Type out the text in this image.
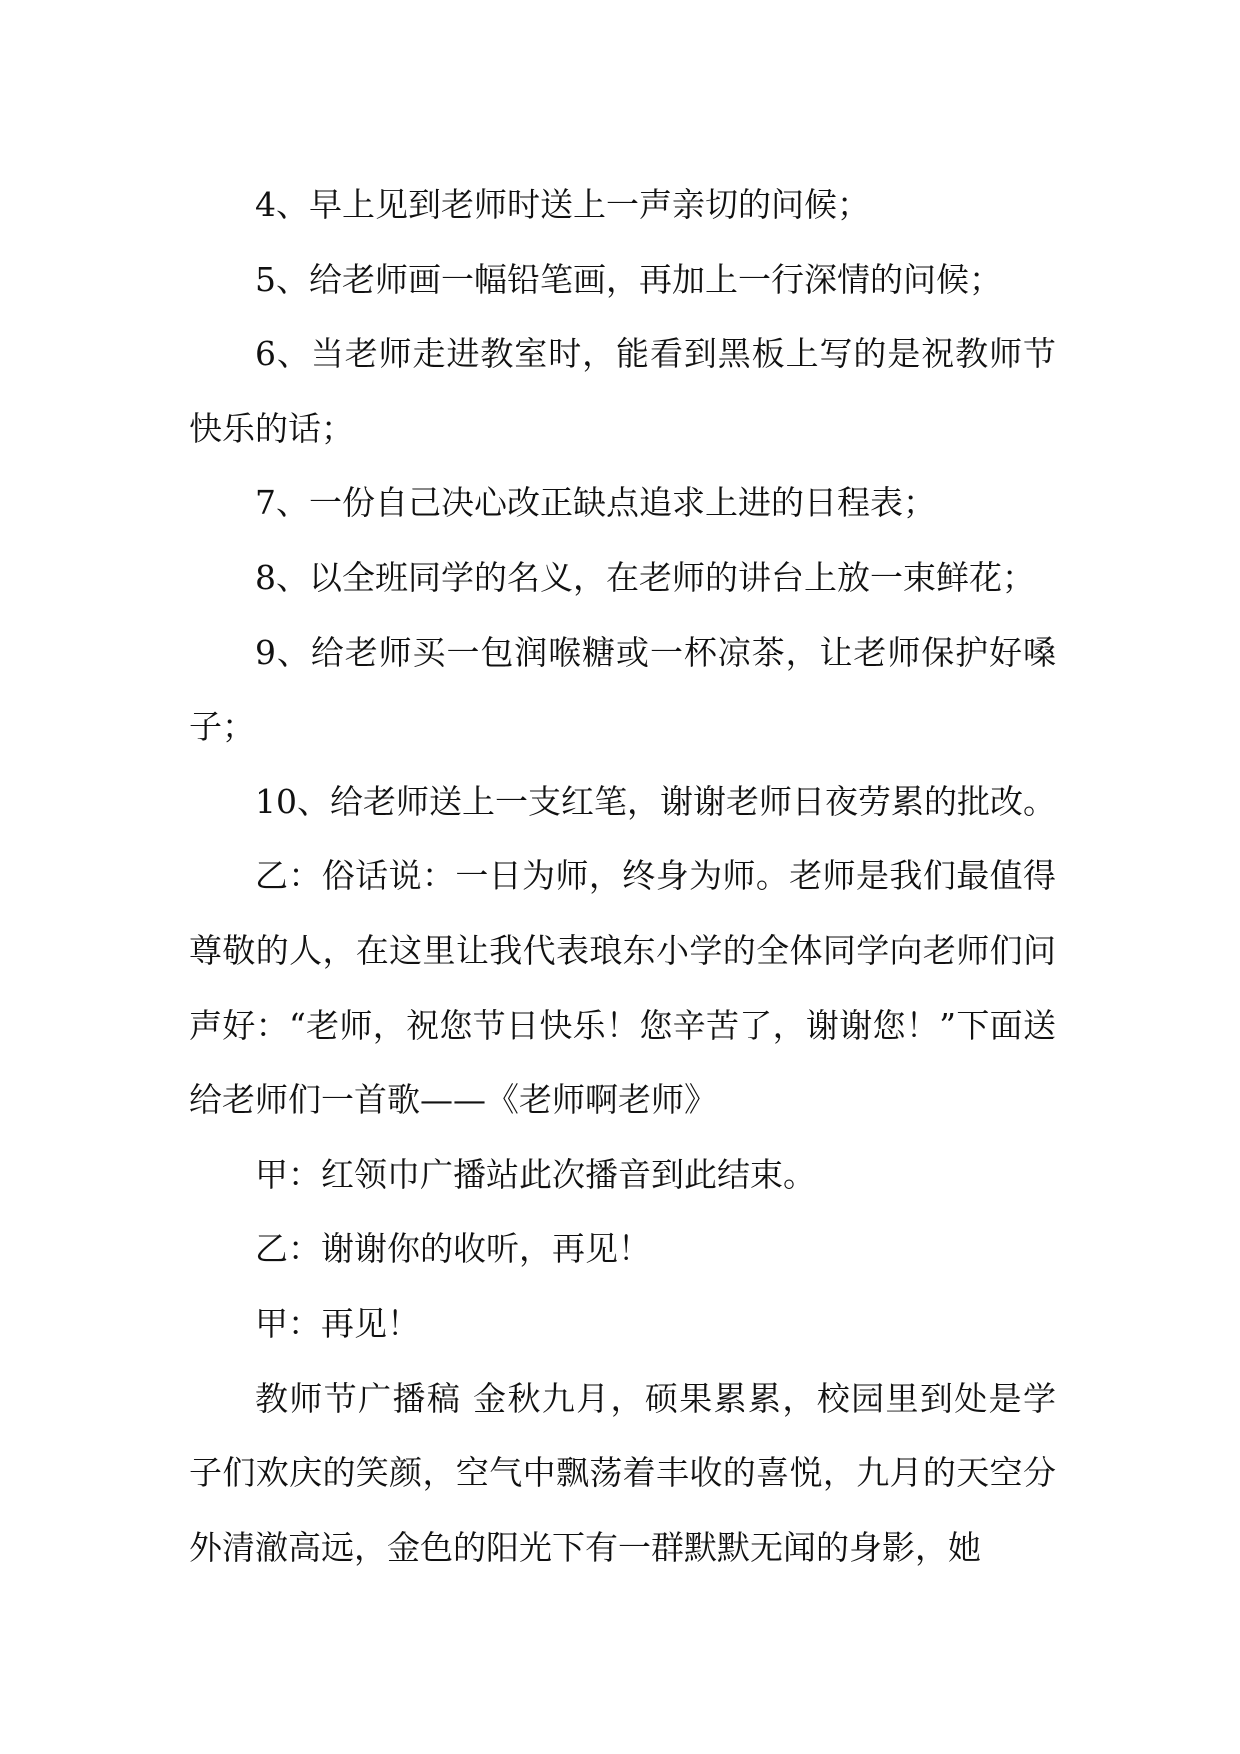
4、早上见到老师时送上一声亲切的问候；

5、给老师画一幅铅笔画，再加上一行深情的问候；

6、当老师走进教室时，能看到黑板上写的是祝教师节快乐的话；

7、一份自己决心改正缺点追求上进的日程表；

8、以全班同学的名义，在老师的讲台上放一束鲜花；

9、给老师买一包润喉糖或一杯凉茶，让老师保护好嗓子；

10、给老师送上一支红笔，谢谢老师日夜劳累的批改。

乙：俗话说：一日为师，终身为师。老师是我们最值得尊敬的人，在这里让我代表琅东小学的全体同学向老师们问声好：“老师，祝您节日快乐！您辛苦了，谢谢您！”下面送给老师们一首歌——《老师啊老师》

甲：红领巾广播站此次播音到此结束。

乙：谢谢你的收听，再见！

甲：再见！

教师节广播稿 金秋九月，硕果累累，校园里到处是学子们欢庆的笑颜，空气中飘荡着丰收的喜悦，九月的天空分外清澈高远，金色的阳光下有一群默默无闻的身影，她
